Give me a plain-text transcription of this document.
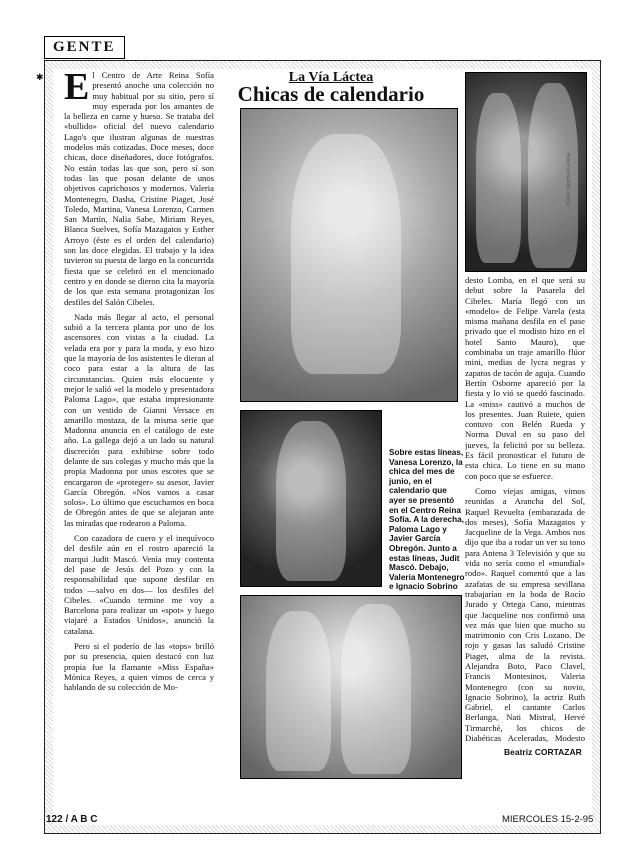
GENTE
✱ El Centro de Arte Reina Sofía presentó anoche una colección no muy habitual por su sitio, pero sí muy esperada por los amantes de la belleza en carne y hueso. Se trataba del «bullido» oficial del nuevo calendario Lago's que ilustran algunas de nuestras modelos más cotizadas. Doce meses, doce chicas, doce diseñadores, doce fotógrafos. No están todas las que son, pero sí son todas las que posan delante de unos objetivos caprichosos y modernos. Valeria Montenegro, Dasha, Cristine Piaget, José Toledo, Martina, Vanesa Lorenzo, Carmen San Martín, Nalia Sabe, Miriam Reyes, Blanca Suelves, Sofía Mazagatos y Esther Arroyo (éste es el orden del calendario) son las doce elegidas. El trabajo y la idea tuvieron su puesta de largo en la concurrida fiesta que se celebró en el mencionado centro y en donde se dieron cita la mayoría de los que esta semana protagonizan los desfiles del Salón Cibeles.

Nada más llegar al acto, el personal subió a la tercera planta por uno de los ascensores con vistas a la ciudad. La velada era por y para la moda, y eso hizo que la mayoría de los asistentes le dieran al coco para estar a la altura de las circunstancias. Quien más elocuente y mejor le salió «el la modelo y presentadora Paloma Lago», que estaba impresionante con un vestido de Gianni Versace en amarillo mostaza, de la misma serie que Madonna anuncia en el catálogo de este año. La gallega dejó a un lado su natural discreción para exhibirse sobre todo delante de sus colegas y mucho más que la propia Madonna por unos escotes que se encargaron de «proteger» su asesor, Javier García Obregón. «Nos vamos a casar solos». Lo último que escuchamos en boca de Obregón antes de que se alejaran ante las miradas que rodearon a Paloma.

Con cazadora de cuero y el inequívoco del desfile aún en el rostro apareció la marqui Judit Mascó. Venía muy contenta del pase de Jesús del Pozo y con la responsabilidad que supone desfilar en todos —salvo en dos— los desfiles del Cibeles. «Cuando termine me voy a Barcelona para realizar un «spot» y luego viajaré a Estados Unidos», anunció la catalana.

Pero si el poderío de las «tops» brilló por su presencia, quien destacó con luz propia fue la flamante «Miss España» Mónica Reyes, a quien vimos de cerca y hablando de su colección de Mo-

La Vía Láctea
Chicas de calendario
Fotos: Sánchez Lerena
Sobre estas líneas, Vanesa Lorenzo, la chica del mes de junio, en el calendario que ayer se presentó en el Centro Reina Sofía. A la derecha, Paloma Lago y Javier García Obregón. Junto a estas líneas, Judit Mascó. Debajo, Valeria Montenegro e Ignacio Sobrino

desto Lomba, en el que será su debut sobre la Pasarela del Cibeles. María llegó con un «modelo» de Felipe Varela (esta misma mañana desfila en el pase privado que el modisto hizo en el hotel Santo Mauro), que combinaba un traje amarillo flúor mini, medias de lycra negras y zapatos de tacón de aguja. Cuando Bertín Osborne apareció por la fiesta y lo vió se quedó fascinado. La «miss» cautivó a muchos de los presentes. Juan Ruiete, quien contuvo con Belén Rueda y Norma Duval en su paso del jueves, la felicitó por su belleza. Es fácil pronosticar el futuro de esta chica. Lo tiene en su mano con poco que se esfuerce.

Como viejas amigas, vimos reunidas a Arancha del Sol, Raquel Revuelta (embarazada de dos meses), Sofía Mazagatos y Jacqueline de la Vega. Ambos nos dijo que iba a rodar un ver su tono para Antena 3 Televisión y que su vida no sería como el «mundial» rodo». Raquel comentó que a las azafatas de su empresa sevillana trabajarían en la boda de Rocío Jurado y Ortega Cano, mientras que Jacqueline nos confirmó una vez más que bien que mucho su matrimonio con Cris Lozano. De rojo y gasas las saludó Cristine Piaget, alma de la revista. Alejandra Boto, Paco Clavel, Francis Montesinos, Valeria Montenegro (con su novio, Ignacio Sobrino), la actriz Ruth Gabriel, el cantante Carlos Berlanga, Nati Mistral, Hervé Tirmarché, los chicos de Diabéticas Aceleradas, Modesto

Beatriz CORTAZAR
122 / A B C	MIERCOLES 15-2-95
